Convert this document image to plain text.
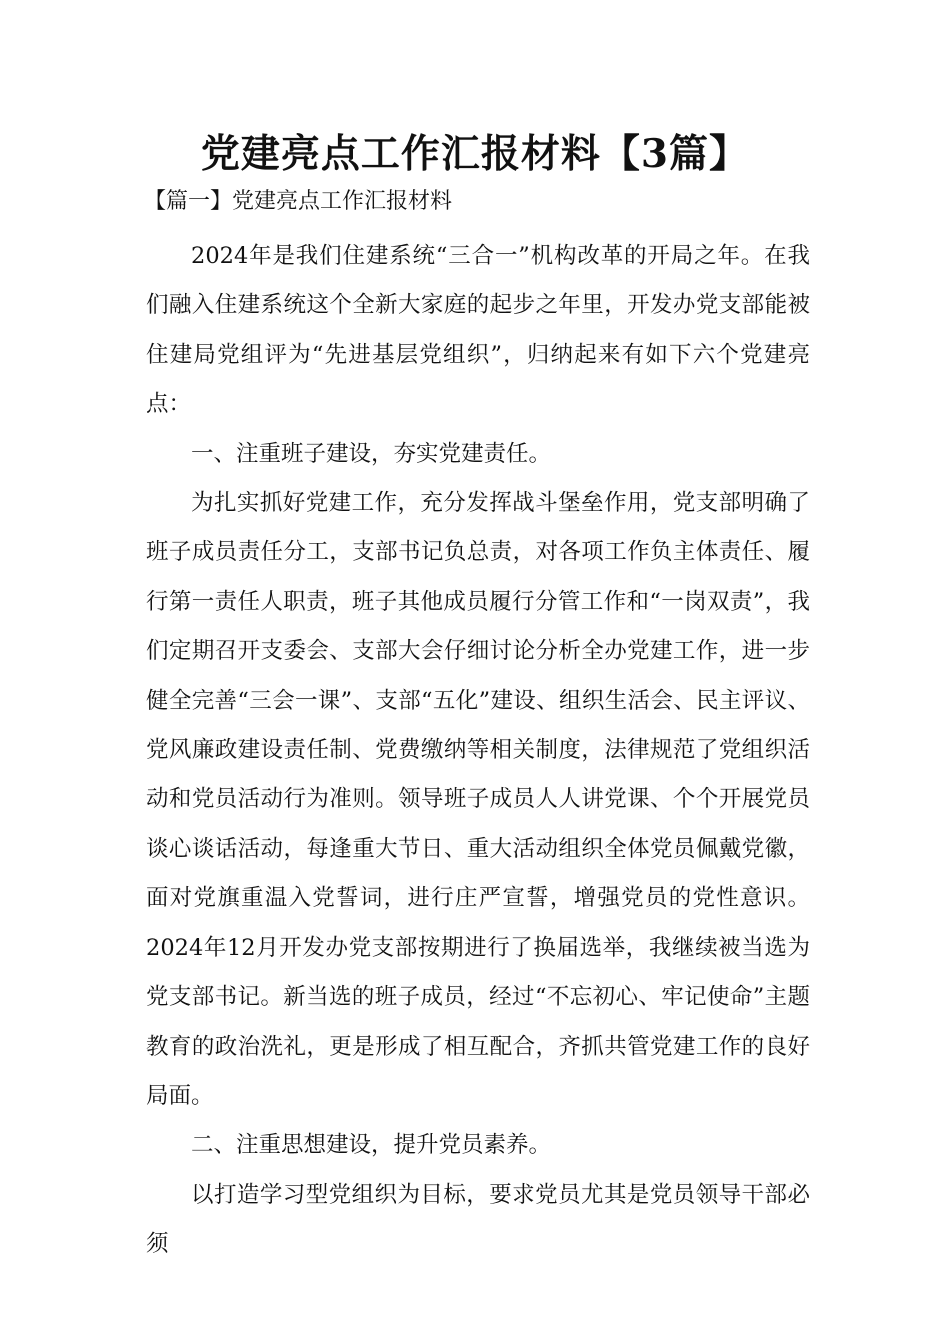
党建亮点工作汇报材料【3篇】
【篇一】党建亮点工作汇报材料

2024年是我们住建系统“三合一”机构改革的开局之年。在我们融入住建系统这个全新大家庭的起步之年里，开发办党支部能被住建局党组评为“先进基层党组织”，归纳起来有如下六个党建亮点：

一、注重班子建设，夯实党建责任。

为扎实抓好党建工作，充分发挥战斗堡垒作用，党支部明确了班子成员责任分工，支部书记负总责，对各项工作负主体责任、履行第一责任人职责，班子其他成员履行分管工作和“一岗双责”，我们定期召开支委会、支部大会仔细讨论分析全办党建工作，进一步健全完善“三会一课”、支部“五化”建设、组织生活会、民主评议、党风廉政建设责任制、党费缴纳等相关制度，法律规范了党组织活动和党员活动行为准则。领导班子成员人人讲党课、个个开展党员谈心谈话活动，每逢重大节日、重大活动组织全体党员佩戴党徽，面对党旗重温入党誓词，进行庄严宣誓，增强党员的党性意识。2024年12月开发办党支部按期进行了换届选举，我继续被当选为党支部书记。新当选的班子成员，经过“不忘初心、牢记使命”主题教育的政治洗礼，更是形成了相互配合，齐抓共管党建工作的良好局面。

二、注重思想建设，提升党员素养。

以打造学习型党组织为目标，要求党员尤其是党员领导干部必须
